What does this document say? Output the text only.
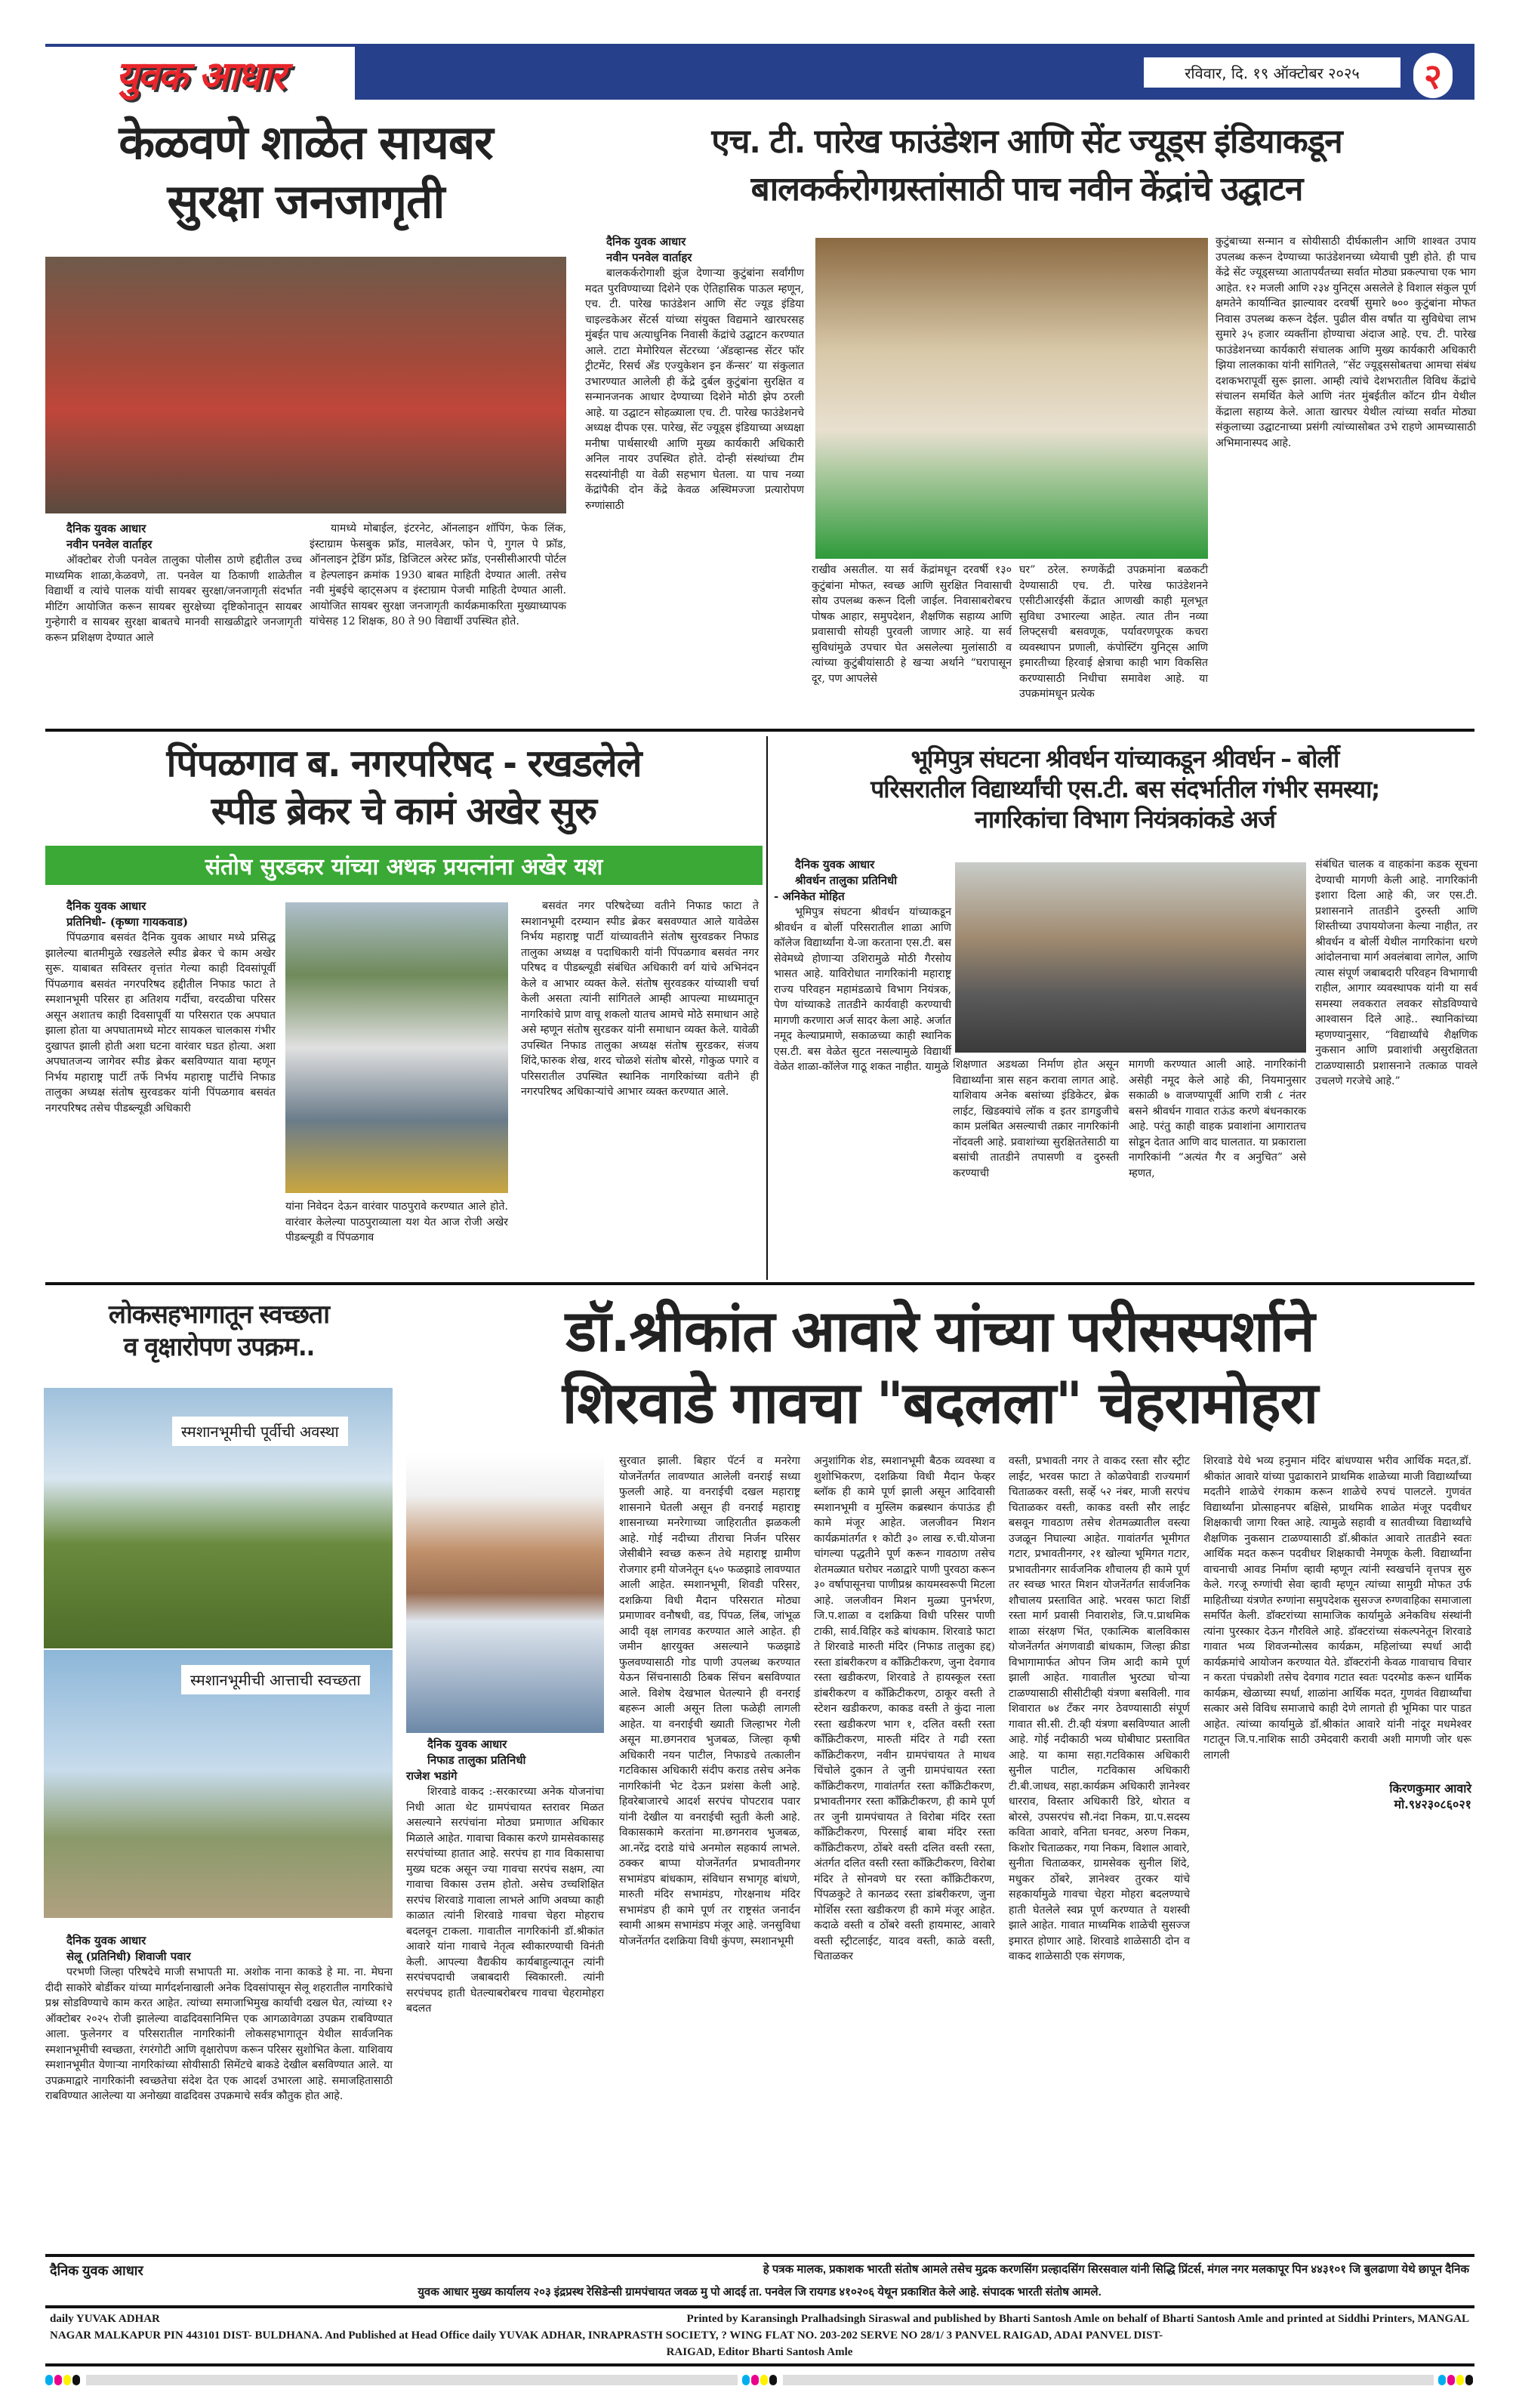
युवक आधार	रविवार, दि. १९ ऑक्टोबर २०२५	२
केळवणे शाळेत सायबर
सुरक्षा जनजागृती
दैनिक युवक आधार
नवीन पनवेल वार्ताहर

ऑक्टोबर रोजी पनवेल तालुका पोलीस ठाणे हद्दीतील उच्च माध्यमिक शाळा,केळवणे, ता. पनवेल या ठिकाणी शाळेतील विद्यार्थी व त्यांचे पालक यांची सायबर सुरक्षा/जनजागृती संदर्भात मीटिंग आयोजित करून सायबर सुरक्षेच्या दृष्टिकोनातून सायबर गुन्हेगारी व सायबर सुरक्षा बाबतचे मानवी साखळीद्वारे जनजागृती करून प्रशिक्षण देण्यात आले

यामध्ये मोबाईल, इंटरनेट, ऑनलाइन शॉपिंग, फेक लिंक, इंस्टाग्राम फेसबुक फ्रॉड, मालवेअर, फोन पे, गुगल पे फ्रॉड, ऑनलाइन ट्रेडिंग फ्रॉड, डिजिटल अरेस्ट फ्रॉड, एनसीसीआरपी पोर्टल व हेल्पलाइन क्रमांक 1930 बाबत माहिती देण्यात आली. तसेच नवी मुंबईचे व्हाट्सअप व इंस्टाग्राम पेजची माहिती देण्यात आली. आयोजित सायबर सुरक्षा जनजागृती कार्यक्रमाकरिता मुख्याध्यापक यांचेसह 12 शिक्षक, 80 ते 90 विद्यार्थी उपस्थित होते.

एच. टी. पारेख फाउंडेशन आणि सेंट ज्यूड्स इंडियाकडून
बालकर्करोगग्रस्तांसाठी पाच नवीन केंद्रांचे उद्घाटन
दैनिक युवक आधार
नवीन पनवेल वार्ताहर

बालकर्करोगाशी झुंज देणाऱ्या कुटुंबांना सर्वांगीण मदत पुरविण्याच्या दिशेने एक ऐतिहासिक पाऊल म्हणून, एच. टी. पारेख फाउंडेशन आणि सेंट ज्यूड इंडिया चाइल्डकेअर सेंटर्स यांच्या संयुक्त विद्यमाने खारघरसह मुंबईत पाच अत्याधुनिक निवासी केंद्रांचे उद्घाटन करण्यात आले. टाटा मेमोरियल सेंटरच्या ‘अ‍ॅडव्हान्स्ड सेंटर फॉर ट्रीटमेंट, रिसर्च अँड एज्युकेशन इन कॅन्सर’ या संकुलात उभारण्यात आलेली ही केंद्रे दुर्बल कुटुंबांना सुरक्षित व सन्मानजनक आधार देण्याच्या दिशेने मोठी झेप ठरली आहे. या उद्घाटन सोहळ्याला एच. टी. पारेख फाउंडेशनचे अध्यक्ष दीपक एस. पारेख, सेंट ज्यूड्स इंडियाच्या अध्यक्षा मनीषा पार्थसारथी आणि मुख्य कार्यकारी अधिकारी अनिल नायर उपस्थित होते. दोन्ही संस्थांच्या टीम सदस्यांनीही या वेळी सहभाग घेतला. या पाच नव्या केंद्रांपैकी दोन केंद्रे केवळ अस्थिमज्जा प्रत्यारोपण रुग्णांसाठी

राखीव असतील. या सर्व केंद्रांमधून दरवर्षी १३० कुटुंबांना मोफत, स्वच्छ आणि सुरक्षित निवासाची सोय उपलब्ध करून दिली जाईल. निवासाबरोबरच पोषक आहार, समुपदेशन, शैक्षणिक सहाय्य आणि प्रवासाची सोयही पुरवली जाणार आहे. या सर्व सुविधांमुळे उपचार घेत असलेल्या मुलांसाठी व त्यांच्या कुटुंबीयांसाठी हे खऱ्या अर्थाने “घरापासून दूर, पण आपलेसे

घर” ठरेल. रुग्णकेंद्री उपक्रमांना बळकटी देण्यासाठी एच. टी. पारेख फाउंडेशनने एसीटीआरईसी केंद्रात आणखी काही मूलभूत सुविधा उभारल्या आहेत. त्यात तीन नव्या लिफ्ट्सची बसवणूक, पर्यावरणपूरक कचरा व्यवस्थापन प्रणाली, कंपोस्टिंग युनिट्स आणि इमारतीच्या हिरवाई क्षेत्राचा काही भाग विकसित करण्यासाठी निधीचा समावेश आहे. या उपक्रमांमधून प्रत्येक

कुटुंबाच्या सन्मान व सोयीसाठी दीर्घकालीन आणि शाश्वत उपाय उपलब्ध करून देण्याच्या फाउंडेशनच्या ध्येयाची पुष्टी होते. ही पाच केंद्रे सेंट ज्यूड्सच्या आतापर्यंतच्या सर्वात मोठ्या प्रकल्पाचा एक भाग आहेत. १२ मजली आणि २३४ युनिट्स असलेले हे विशाल संकुल पूर्ण क्षमतेने कार्यान्वित झाल्यावर दरवर्षी सुमारे ७०० कुटुंबांना मोफत निवास उपलब्ध करून देईल. पुढील वीस वर्षांत या सुविधेचा लाभ सुमारे ३५ हजार व्यक्तींना होण्याचा अंदाज आहे. एच. टी. पारेख फाउंडेशनच्या कार्यकारी संचालक आणि मुख्य कार्यकारी अधिकारी झिया लालकाका यांनी सांगितले, “सेंट ज्यूड्ससोबतचा आमचा संबंध दशकभरापूर्वी सुरू झाला. आम्ही त्यांचे देशभरातील विविध केंद्रांचे संचालन समर्थित केले आणि नंतर मुंबईतील कॉटन ग्रीन येथील केंद्राला सहाय्य केले. आता खारघर येथील त्यांच्या सर्वात मोठ्या संकुलाच्या उद्घाटनाच्या प्रसंगी त्यांच्यासोबत उभे राहणे आमच्यासाठी अभिमानास्पद आहे.

पिंपळगाव ब. नगरपरिषद - रखडलेले
स्पीड ब्रेकर चे कामं अखेर सुरु
संतोष सुरडकर यांच्या अथक प्रयत्नांना अखेर यश
दैनिक युवक आधार
प्रतिनिधी- (कृष्णा गायकवाड)

पिंपळगाव बसवंत दैनिक युवक आधार मध्ये प्रसिद्ध झालेल्या बातमीमुळे रखडलेले स्पीड ब्रेकर चे काम अखेर सुरू. याबाबत सविस्तर वृत्तांत गेल्या काही दिवसांपूर्वी पिंपळगाव बसवंत नगरपरिषद हद्दीतील निफाड फाटा ते स्मशानभूमी परिसर हा अतिशय गर्दीचा, वरदळीचा परिसर असून अशातच काही दिवसापूर्वी या परिसरात एक अपघात झाला होता या अपघातामध्ये मोटर सायकल चालकास गंभीर दुखापत झाली होती अशा घटना वारंवार घडत होत्या. अशा अपघातजन्य जागेवर स्पीड ब्रेकर बसविण्यात यावा म्हणून निर्भय महाराष्ट्र पार्टी तर्फे निर्भय महाराष्ट्र पार्टीचे निफाड तालुका अध्यक्ष संतोष सुरवडकर यांनी पिंपळगाव बसवंत नगरपरिषद तसेच पीडब्ल्यूडी अधिकारी

यांना निवेदन देऊन वारंवार पाठपुरावे करण्यात आले होते. वारंवार केलेल्या पाठपुराव्याला यश येत आज रोजी अखेर पीडब्ल्यूडी व पिंपळगाव

बसवंत नगर परिषदेच्या वतीने निफाड फाटा ते स्मशानभूमी दरम्यान स्पीड ब्रेकर बसवण्यात आले यावेळेस निर्भय महाराष्ट्र पार्टी यांच्यावतीने संतोष सुरवडकर निफाड तालुका अध्यक्ष व पदाधिकारी यांनी पिंपळगाव बसवंत नगर परिषद व पीडब्ल्यूडी संबंधित अधिकारी वर्ग यांचे अभिनंदन केले व आभार व्यक्त केले. संतोष सुरवडकर यांच्याशी चर्चा केली असता त्यांनी सांगितले आम्ही आपल्या माध्यमातून नागरिकांचे प्राण वाचू शकलो यातच आमचे मोठे समाधान आहे असे म्हणून संतोष सुरडकर यांनी समाधान व्यक्त केले. यावेळी उपस्थित निफाड तालुका अध्यक्ष संतोष सुरडकर, संजय शिंदे,फारुक शेख, शरद चोळशे संतोष बोरसे, गोकुळ पगारे व परिसरातील उपस्थित स्थानिक नागरिकांच्या वतीने ही नगरपरिषद अधिकाऱ्यांचे आभार व्यक्त करण्यात आले.

भूमिपुत्र संघटना श्रीवर्धन यांच्याकडून श्रीवर्धन – बोर्ली
परिसरातील विद्यार्थ्यांची एस.टी. बस संदर्भातील गंभीर समस्या;
नागरिकांचा विभाग नियंत्रकांकडे अर्ज
दैनिक युवक आधार
श्रीवर्धन तालुका प्रतिनिधी
- अनिकेत मोहित

भूमिपुत्र संघटना श्रीवर्धन यांच्याकडून श्रीवर्धन व बोर्ली परिसरातील शाळा आणि कॉलेज विद्यार्थ्यांना ये-जा करताना एस.टी. बस सेवेमध्ये होणाऱ्या उशिरामुळे मोठी गैरसोय भासत आहे. याविरोधात नागरिकांनी महाराष्ट्र राज्य परिवहन महामंडळाचे विभाग नियंत्रक, पेण यांच्याकडे तातडीने कार्यवाही करण्याची मागणी करणारा अर्ज सादर केला आहे. अर्जात नमूद केल्याप्रमाणे, सकाळच्या काही स्थानिक एस.टी. बस वेळेत सुटत नसल्यामुळे विद्यार्थी वेळेत शाळा-कॉलेज गाठू शकत नाहीत. यामुळे शिक्षणात अडथळा निर्माण होत असून विद्यार्थ्यांना त्रास सहन करावा लागत आहे. याशिवाय अनेक बसांच्या इंडिकेटर, ब्रेक लाईट, खिडक्यांचे लॉक व इतर डागडुजीचे काम प्रलंबित असल्याची तक्रार नागरिकांनी नोंदवली आहे. प्रवाशांच्या सुरक्षिततेसाठी या बसांची तातडीने तपासणी व दुरुस्ती करण्याची

मागणी करण्यात आली आहे. नागरिकांनी असेही नमूद केले आहे की, नियमानुसार सकाळी ७ वाजण्यापूर्वी आणि रात्री ८ नंतर बसने श्रीवर्धन गावात राऊंड करणे बंधनकारक आहे. परंतु काही वाहक प्रवाशांना आगारातच सोडून देतात आणि वाद घालतात. या प्रकाराला नागरिकांनी “अत्यंत गैर व अनुचित” असे म्हणत,

संबंधित चालक व वाहकांना कडक सूचना देण्याची मागणी केली आहे. नागरिकांनी इशारा दिला आहे की, जर एस.टी. प्रशासनाने तातडीने दुरुस्ती आणि शिस्तीच्या उपाययोजना केल्या नाहीत, तर श्रीवर्धन व बोर्ली येथील नागरिकांना धरणे आंदोलनाचा मार्ग अवलंबावा लागेल, आणि त्यास संपूर्ण जबाबदारी परिवहन विभागाची राहील, आगार व्यवस्थापक यांनी या सर्व समस्या लवकरात लवकर सोडविण्याचे आश्वासन दिले आहे.. स्थानिकांच्या म्हणण्यानुसार, “विद्यार्थ्यांचे शैक्षणिक नुकसान आणि प्रवाशांची असुरक्षितता टाळण्यासाठी प्रशासनाने तत्काळ पावले उचलणे गरजेचे आहे.”

लोकसहभागातून स्वच्छता
व वृक्षारोपण उपक्रम..
स्मशानभूमीची पूर्वीची अवस्था
स्मशानभूमीची आत्ताची स्वच्छता
दैनिक युवक आधार
सेलू (प्रतिनिधी) शिवाजी पवार

परभणी जिल्हा परिषदेचे माजी सभापती मा. अशोक नाना काकडे हे मा. ना. मेघना दीदी साकोरे बोर्डीकर यांच्या मार्गदर्शनाखाली अनेक दिवसांपासून सेलू शहरातील नागरिकांचे प्रश्न सोडविण्याचे काम करत आहेत. त्यांच्या समाजाभिमुख कार्याची दखल घेत, त्यांच्या १२ ऑक्टोबर २०२५ रोजी झालेल्या वाढदिवसानिमित्त एक आगळावेगळा उपक्रम राबविण्यात आला. फुलेनगर व परिसरातील नागरिकांनी लोकसहभागातून येथील सार्वजनिक स्मशानभूमीची स्वच्छता, रंगरंगोटी आणि वृक्षारोपण करून परिसर सुशोभित केला. याशिवाय स्मशानभूमीत येणाऱ्या नागरिकांच्या सोयीसाठी सिमेंटचे बाकडे देखील बसविण्यात आले. या उपक्रमाद्वारे नागरिकांनी स्वच्छतेचा संदेश देत एक आदर्श उभारला आहे. समाजहितासाठी राबविण्यात आलेल्या या अनोख्या वाढदिवस उपक्रमाचे सर्वत्र कौतुक होत आहे.

डॉ.श्रीकांत आवारे यांच्या परीसस्पर्शाने
शिरवाडे गावचा "बदलला" चेहरामोहरा
दैनिक युवक आधार
निफाड तालुका प्रतिनिधी
राजेश भडांगे

शिरवाडे वाकद :-सरकारच्या अनेक योजनांचा निधी आता थेट ग्रामपंचायत स्तरावर मिळत असल्याने सरपंचांना मोठ्या प्रमाणात अधिकार मिळाले आहेत. गावाचा विकास करणे ग्रामसेवकासह सरपंचांच्या हातात आहे. सरपंच हा गाव विकासाचा मुख्य घटक असून ज्या गावचा सरपंच सक्षम, त्या गावाचा विकास उत्तम होतो. असेच उच्चशिक्षित सरपंच शिरवाडे गावाला लाभले आणि अवघ्या काही काळात त्यांनी शिरवाडे गावचा चेहरा मोहराच बदलवून टाकला. गावातील नागरिकांनी डॉ.श्रीकांत आवारे यांना गावाचे नेतृत्व स्वीकारण्याची विनंती केली. आपल्या वैद्यकीय कार्यबाहुल्यातून त्यांनी सरपंचपदाची जबाबदारी स्विकारली. त्यांनी सरपंचपद हाती घेतल्याबरोबरच गावचा चेहरामोहरा बदलत

सुरवात झाली. बिहार पॅटर्न व मनरेगा योजनेंतर्गत लावण्यात आलेली वनराई सध्या फुलली आहे. या वनराईची दखल महाराष्ट्र शासनाने घेतली असून ही वनराई महाराष्ट्र शासनाच्या मनरेगाच्या जाहिरातीत झळकली आहे. गोई नदीच्या तीराचा निर्जन परिसर जेसीबीने स्वच्छ करून तेथे महाराष्ट्र ग्रामीण रोजगार हमी योजनेतून ६५० फळझाडे लावण्यात आली आहेत. स्मशानभूमी, शिवडी परिसर, दशक्रिया विधी मैदान परिसरात मोठ्या प्रमाणावर वनौषधी, वड, पिंपळ, लिंब, जांभूळ आदी वृक्ष लागवड करण्यात आले आहेत. ही जमीन क्षारयुक्त असल्याने फळझाडे फुलवण्यासाठी गोड पाणी उपलब्ध करण्यात येऊन सिंचनासाठी ठिबक सिंचन बसविण्यात आले. विशेष देखभाल घेतल्याने ही वनराई बहरून आली असून तिला फळेही लागली आहेत. या वनराईची ख्याती जिल्हाभर गेली असून मा.छगनराव भुजबळ, जिल्हा कृषी अधिकारी नयन पाटील, निफाडचे तत्कालीन गटविकास अधिकारी संदीप कराड तसेच अनेक नागरिकांनी भेट देऊन प्रशंसा केली आहे. हिवरेबाजारचे आदर्श सरपंच पोपटराव पवार यांनी देखील या वनराईची स्तुती केली आहे. विकासकामे करतांना मा.छगनराव भुजबळ, आ.नरेंद्र दराडे यांचे अनमोल सहकार्य लाभले. ठक्कर बाप्पा योजनेंतर्गत प्रभावतीनगर सभामंडप बांधकाम, संविधान सभागृह बांधणे, मारुती मंदिर सभामंडप, गोरक्षनाथ मंदिर सभामंडप ही कामे पूर्ण तर राष्ट्रसंत जनार्दन स्वामी आश्रम सभामंडप मंजूर आहे. जनसुविधा योजनेंतर्गत दशक्रिया विधी कुंपण, स्मशानभूमी

अनुशांगिक शेड, स्मशानभूमी बैठक व्यवस्था व शुशोभिकरण, दशक्रिया विधी मैदान फेव्हर ब्लॉक ही कामे पूर्ण झाली असून आदिवासी स्मशानभूमी व मुस्लिम कब्रस्थान कंपाऊंड ही कामे मंजूर आहेत. जलजीवन मिशन कार्यक्रमांतर्गत १ कोटी ३० लाख रु.ची.योजना चांगल्या पद्धतीने पूर्ण करून गावठाण तसेच शेतमळ्यात घरोघर नळाद्वारे पाणी पुरवठा करून ३० वर्षापासूनचा पाणीप्रश्न कायमस्वरूपी मिटला आहे. जलजीवन मिशन मुळ्या पुनर्भरण, जि.प.शाळा व दशक्रिया विधी परिसर पाणी टाकी, सार्व.विहिर कडे बांधकाम. शिरवाडे फाटा ते शिरवाडे मारुती मंदिर (निफाड तालुका हद्द) रस्ता डांबरीकरण व काँक्रिटीकरण, जुना देवगाव रस्ता खडीकरण, शिरवाडे ते हायस्कूल रस्ता डांबरीकरण व काँक्रिटीकरण, ठाकूर वस्ती ते स्टेशन खडीकरण, काकड वस्ती ते कुंदा नाला रस्ता खडीकरण भाग १, दलित वस्ती रस्ता काँक्रिटीकरण, मारुती मंदिर ते गढी रस्ता काँक्रिटीकरण, नवीन ग्रामपंचायत ते माधव चिंचोले दुकान ते जुनी ग्रामपंचायत रस्ता काँक्रिटीकरण, गावांतर्गत रस्ता काँक्रिटीकरण, प्रभावतीनगर रस्ता काँक्रिटीकरण, ही कामे पूर्ण तर जुनी ग्रामपंचायत ते विरोबा मंदिर रस्ता काँक्रिटीकरण, पिरसाई बाबा मंदिर रस्ता काँक्रिटीकरण, ठोंबरे वस्ती दलित वस्ती रस्ता, अंतर्गत दलित वस्ती रस्ता काँक्रिटीकरण, विरोबा मंदिर ते सोनवणे घर रस्ता काँक्रिटीकरण, पिंपळकुटे ते कानळद रस्ता डांबरीकरण, जुना मोर्शिस रस्ता खडीकरण ही कामे मंजूर आहेत. कदाळे वस्ती व ठोंबरे वस्ती हायमास्ट, आवारे वस्ती स्ट्रीटलाईट, यादव वस्ती, काळे वस्ती, चिताळकर

वस्ती, प्रभावती नगर ते वाकद रस्ता सौर स्ट्रीट लाईट, भरवस फाटा ते कोळपेवाडी राज्यमार्ग चिताळकर वस्ती, सर्व्हे ५२ नंबर, माजी सरपंच चिताळकर वस्ती, काकड वस्ती सौर लाईट बसवून गावठाण तसेच शेतमळ्यातील वस्त्या उजळून निघाल्या आहेत. गावांतर्गत भूमीगत गटार, प्रभावतीनगर, २१ खोल्या भूमिगत गटार, प्रभावतीनगर सार्वजनिक शौचालय ही कामे पूर्ण तर स्वच्छ भारत मिशन योजनेंतर्गत सार्वजनिक शौचालय प्रस्तावित आहे. भरवस फाटा शिर्डी रस्ता मार्ग प्रवासी निवाराशेड, जि.प.प्राथमिक शाळा संरक्षण भिंत, एकात्मिक बालविकास योजनेंतर्गत अंगणवाडी बांधकाम, जिल्हा क्रीडा विभागामार्फत ओपन जिम आदी कामे पूर्ण झाली आहेत. गावातील भुरट्या चोऱ्या टाळण्यासाठी सीसीटीव्ही यंत्रणा बसविली. गाव शिवारात ७४ टँकर नगर ठेवण्यासाठी संपूर्ण गावात सी.सी. टी.व्ही यंत्रणा बसविण्यात आली आहे. गोई नदीकाठी भव्य घोबीघाट प्रस्तावित आहे. या कामा सहा.गटविकास अधिकारी सुनील पाटील, गटविकास अधिकारी टी.बी.जाधव, सहा.कार्यक्रम अधिकारी ज्ञानेश्वर धारराव, विस्तार अधिकारी डिरे, थोरात व बोरसे, उपसरपंच सौ.नंदा निकम, ग्रा.प.सदस्य कविता आवारे, वनिता घनवट, अरुण निकम, किशोर चिताळकर, गया निकम, विशाल आवारे, सुनीता चिताळकर, ग्रामसेवक सुनील शिंदे, मधुकर ठोंबरे, ज्ञानेश्वर तुरकर यांचे सहकार्यामुळे गावचा चेहरा मोहरा बदलण्याचे हाती घेतलेले स्वप्न पूर्ण करण्यात ते यशस्वी झाले आहेत. गावात माध्यमिक शाळेची सुसज्ज इमारत होणार आहे. शिरवाडे शाळेसाठी दोन व वाकद शाळेसाठी एक संगणक,

शिरवाडे येथे भव्य हनुमान मंदिर बांधण्यास भरीव आर्थिक मदत,डॉ. श्रीकांत आवारे यांच्या पुढाकाराने प्राथमिक शाळेच्या माजी विद्यार्थ्यांच्या मदतीने शाळेचे रंगकाम करून शाळेचे रुपचं पालटले. गुणवंत विद्यार्थ्यांना प्रोत्साहनपर बक्षिसे, प्राथमिक शाळेत मंजूर पदवीधर शिक्षकाची जागा रिक्त आहे. त्यामुळे सहावी व सातवीच्या विद्यार्थ्यांचे शैक्षणिक नुकसान टाळण्यासाठी डॉ.श्रीकांत आवारे तातडीने स्वतः आर्थिक मदत करून पदवीधर शिक्षकाची नेमणूक केली. विद्यार्थ्यांना वाचनाची आवड निर्माण व्हावी म्हणून त्यांनी स्वखर्चाने वृत्तपत्र सुरु केले. गरजू रुग्णांची सेवा व्हावी म्हणून त्यांच्या सामुग्री मोफत उर्फ माहितीच्या यंत्रणेत रुग्णांना समुपदेशक सुसज्ज रुग्णवाहिका समाजाला समर्पित केली. डॉक्टरांच्या सामाजिक कार्यामुळे अनेकविध संस्थांनी त्यांना पुरस्कार देऊन गौरविले आहे. डॉक्टरांच्या संकल्पनेतून शिरवाडे गावात भव्य शिवजन्मोत्सव कार्यक्रम, महिलांच्या स्पर्धा आदी कार्यक्रमांचे आयोजन करण्यात येते. डॉक्टरांनी केवळ गावाचाच विचार न करता पंचक्रोशी तसेच देवगाव गटात स्वतः पदरमोड करून धार्मिक कार्यक्रम, खेळाच्या स्पर्धा, शाळांना आर्थिक मदत, गुणवंत विद्यार्थ्यांचा सत्कार असे विविध समाजाचे काही देणे लागतो ही भूमिका पार पाडत आहेत. त्यांच्या कार्यामुळे डॉ.श्रीकांत आवारे यांनी नांदूर मधमेश्वर गटातून जि.प.नाशिक साठी उमेदवारी करावी अशी मागणी जोर धरू लागली

किरणकुमार आवारे
मो.९४२३०८६०२१
दैनिक युवक आधार	हे पत्रक मालक, प्रकाशक भारती संतोष आमले तसेच मुद्रक करणसिंग प्रल्हादसिंग सिरसवाल यांनी सिद्धि प्रिंटर्स, मंगल नगर मलकापूर पिन ४४३१०१ जि बुलढाणा येथे छापून दैनिक
युवक आधार मुख्य कार्यालय २०३ इंद्रप्रस्थ रेसिडेन्सी ग्रामपंचायत जवळ मु पो आदई ता. पनवेल जि रायगड ४१०२०६ येथून प्रकाशित केले आहे. संपादक भारती संतोष आमले.
daily YUVAK ADHAR	Printed by Karansingh Pralhadsingh Siraswal and published by Bharti Santosh Amle on behalf of Bharti Santosh Amle and printed at Siddhi Printers, MANGAL
NAGAR MALKAPUR PIN 443101 DIST- BULDHANA. And Published at Head Office daily YUVAK ADHAR, INRAPRASTH SOCIETY, ? WING FLAT NO. 203-202 SERVE NO 28/1/ 3 PANVEL RAIGAD, ADAI PANVEL DIST-
RAIGAD, Editor Bharti Santosh Amle
